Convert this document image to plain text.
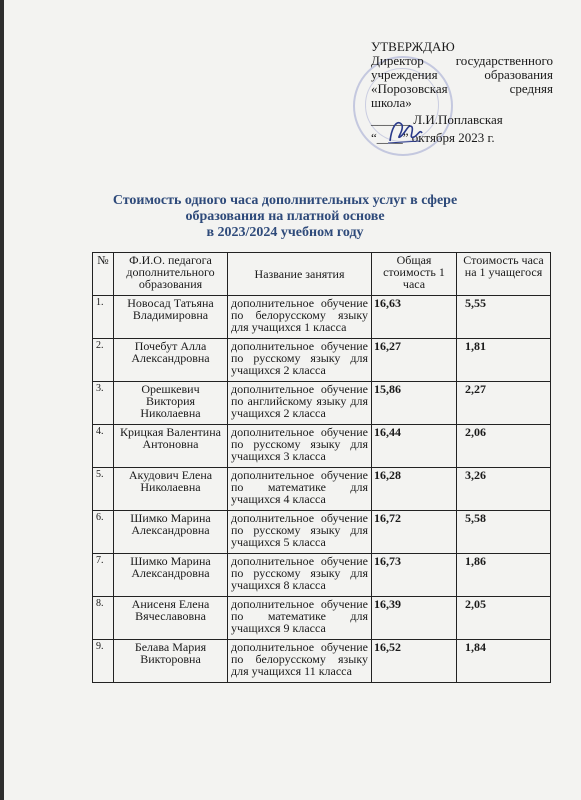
УТВЕРЖДАЮ
Директор государственного
учреждения образования
«Порозовская средняя
школа»
______ Л.И.Поплавская
“____” октября 2023 г.
Стоимость одного часа дополнительных услуг в сфере
образования на платной основе
в 2023/2024 учебном году
№	Ф.И.О. педагога дополнительного образования	Название занятия	Общая стоимость 1 часа	Стоимость часа на 1 учащегося
1.	Новосад Татьяна Владимировна	дополнительное обучение по белорусскому языку для учащихся 1 класса	16,63	5,55
2.	Почебут Алла Александровна	дополнительное обучение по русскому языку для учащихся 2 класса	16,27	1,81
3.	Орешкевич Виктория Николаевна	дополнительное обучение по английскому языку для учащихся 2 класса	15,86	2,27
4.	Крицкая Валентина Антоновна	дополнительное обучение по русскому языку для учащихся 3 класса	16,44	2,06
5.	Акудович Елена Николаевна	дополнительное обучение по математике для учащихся 4 класса	16,28	3,26
6.	Шимко Марина Александровна	дополнительное обучение по русскому языку для учащихся 5 класса	16,72	5,58
7.	Шимко Марина Александровна	дополнительное обучение по русскому языку для учащихся 8 класса	16,73	1,86
8.	Анисеня Елена Вячеславовна	дополнительное обучение по математике для учащихся 9 класса	16,39	2,05
9.	Белава Мария Викторовна	дополнительное обучение по белорусскому языку для учащихся 11 класса	16,52	1,84
